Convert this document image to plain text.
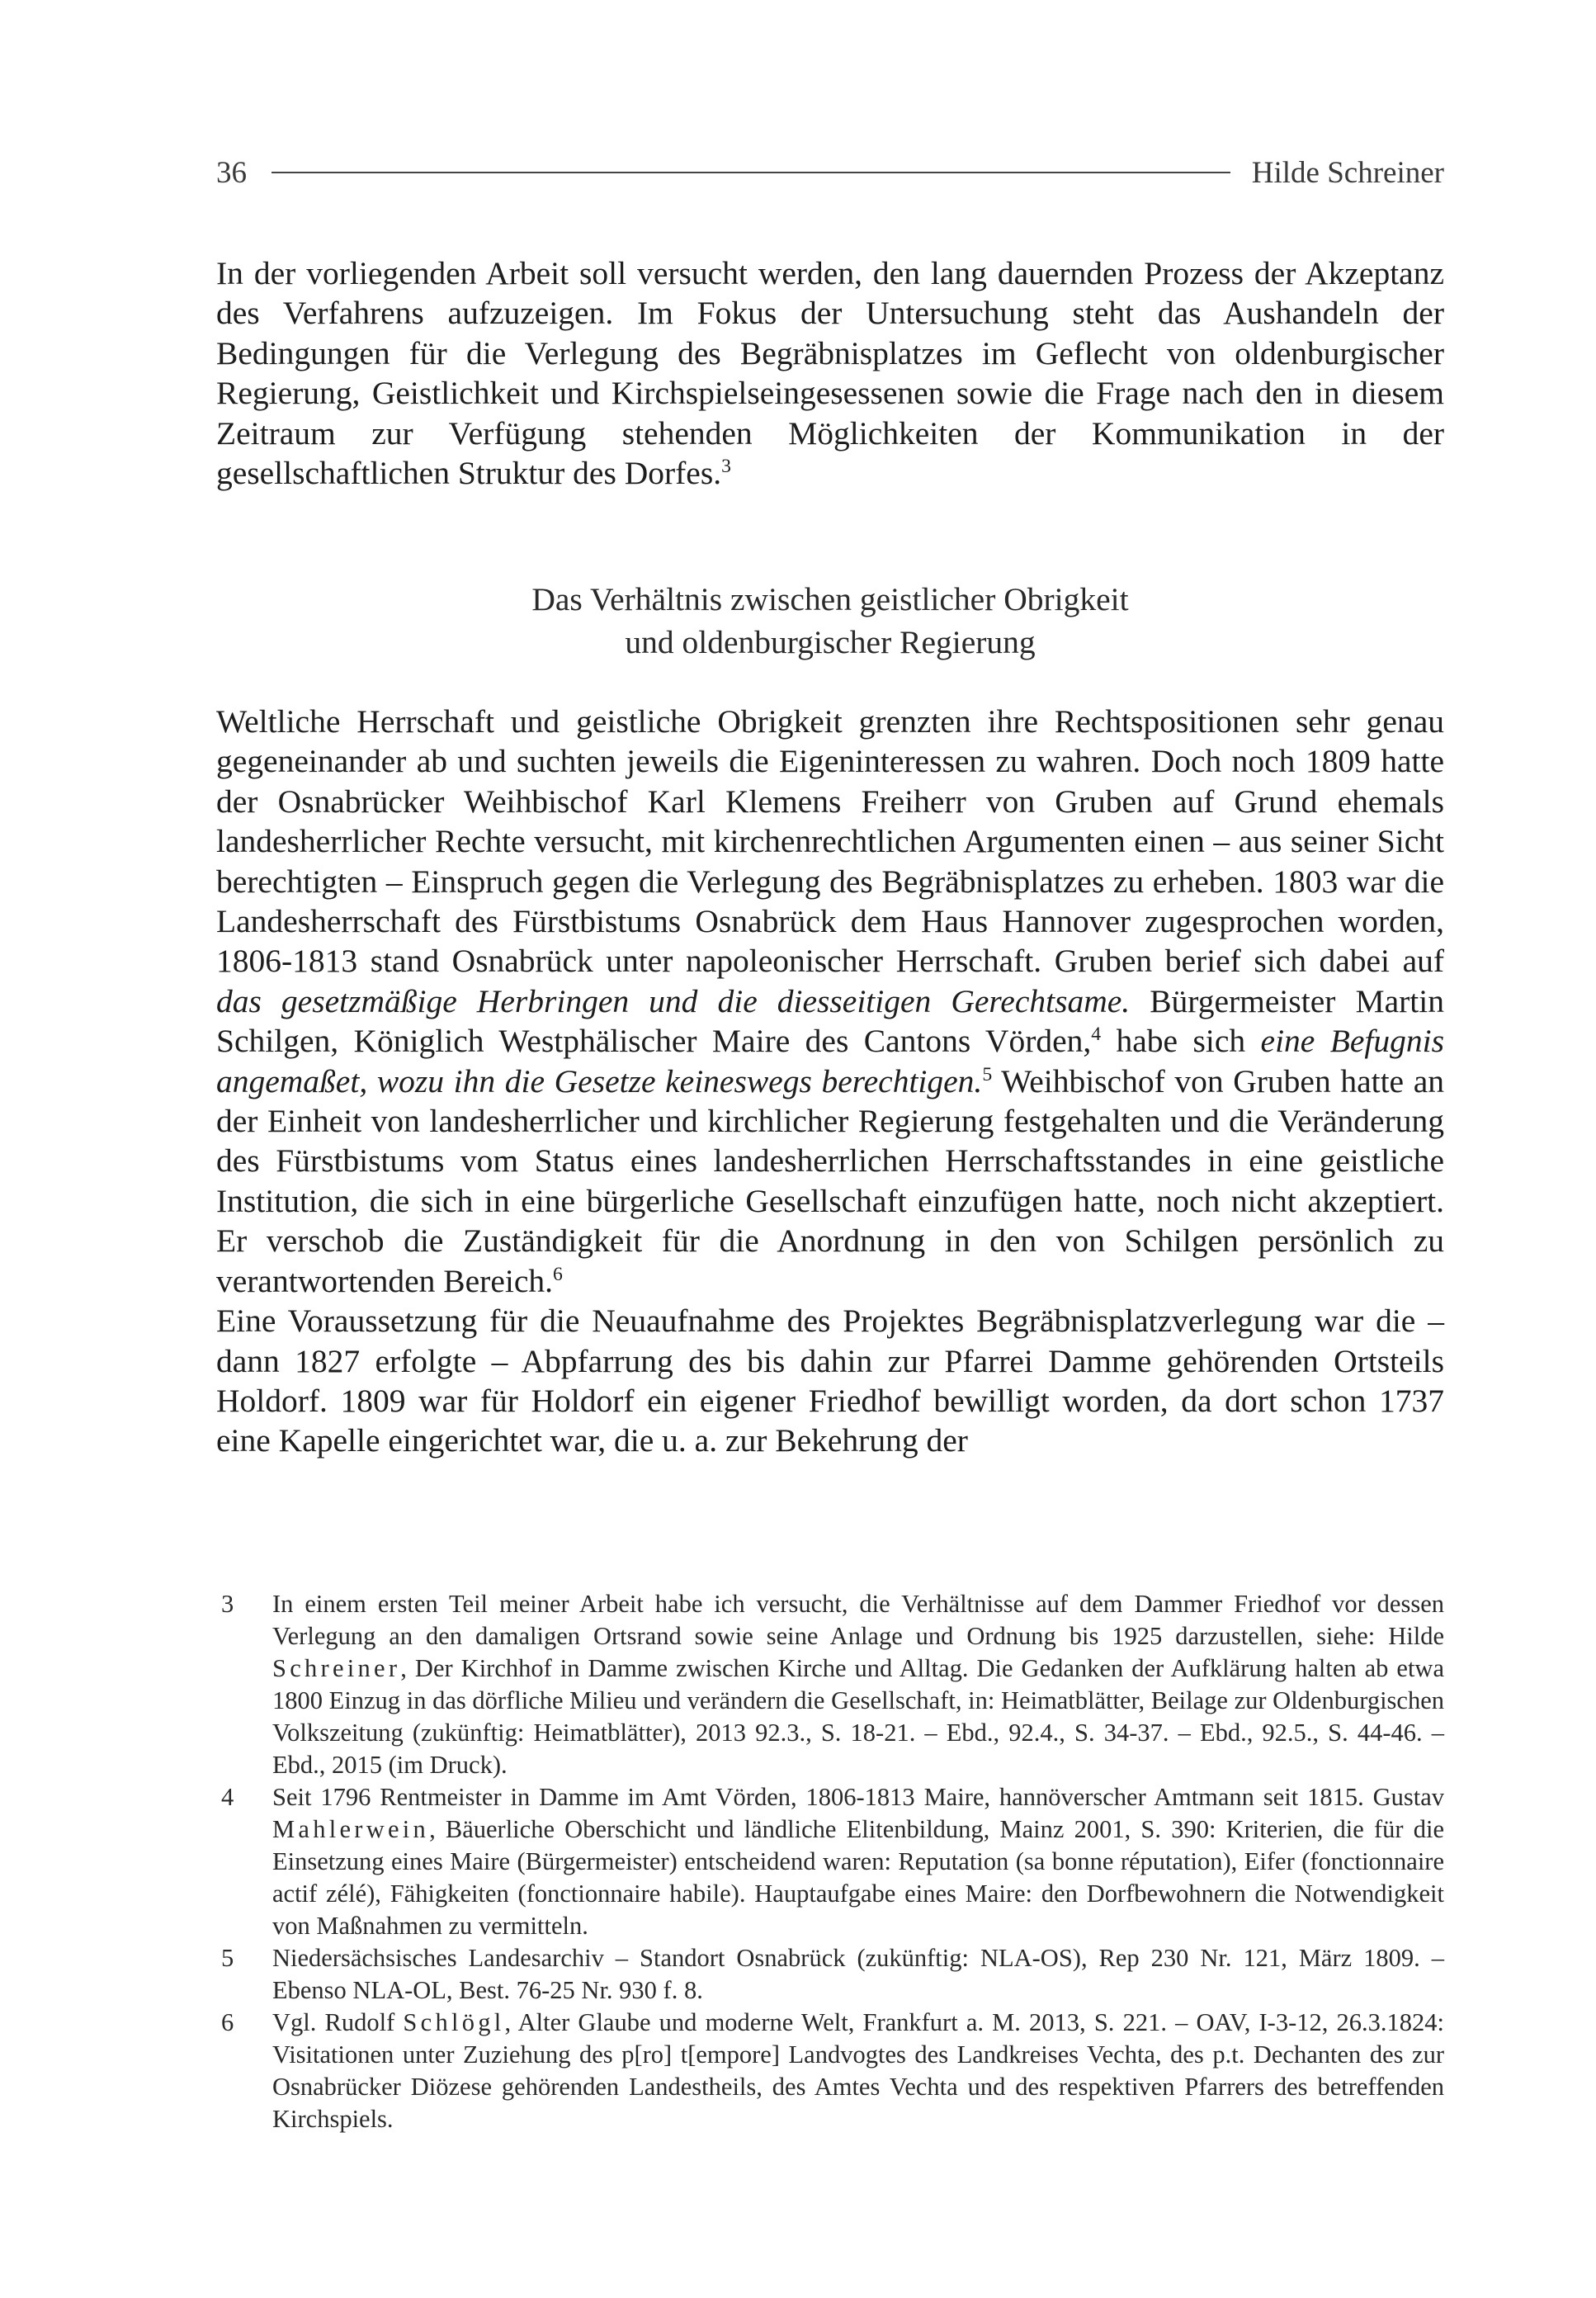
36	Hilde Schreiner

In der vorliegenden Arbeit soll versucht werden, den lang dauernden Prozess der Akzeptanz des Verfahrens aufzuzeigen. Im Fokus der Untersuchung steht das Aushandeln der Bedingungen für die Verlegung des Begräbnisplatzes im Geflecht von oldenburgischer Regierung, Geistlichkeit und Kirchspielseingesessenen sowie die Frage nach den in diesem Zeitraum zur Verfügung stehenden Möglichkeiten der Kommunikation in der gesellschaftlichen Struktur des Dorfes.$^3$

Das Verhältnis zwischen geistlicher Obrigkeit
und oldenburgischer Regierung

Weltliche Herrschaft und geistliche Obrigkeit grenzten ihre Rechtspositionen sehr genau gegeneinander ab und suchten jeweils die Eigeninteressen zu wahren. Doch noch 1809 hatte der Osnabrücker Weihbischof Karl Klemens Freiherr von Gruben auf Grund ehemals landesherrlicher Rechte versucht, mit kirchenrechtlichen Argumenten einen – aus seiner Sicht berechtigten – Einspruch gegen die Verlegung des Begräbnisplatzes zu erheben. 1803 war die Landesherrschaft des Fürstbistums Osnabrück dem Haus Hannover zugesprochen worden, 1806-1813 stand Osnabrück unter napoleonischer Herrschaft. Gruben berief sich dabei auf das gesetzmäßige Herbringen und die diesseitigen Gerechtsame. Bürgermeister Martin Schilgen, Königlich Westphälischer Maire des Cantons Vörden,$^4$ habe sich eine Befugnis angemaßet, wozu ihn die Gesetze keineswegs berechtigen.$^5$ Weihbischof von Gruben hatte an der Einheit von landesherrlicher und kirchlicher Regierung festgehalten und die Veränderung des Fürstbistums vom Status eines landesherrlichen Herrschaftsstandes in eine geistliche Institution, die sich in eine bürgerliche Gesellschaft einzufügen hatte, noch nicht akzeptiert. Er verschob die Zuständigkeit für die Anordnung in den von Schilgen persönlich zu verantwortenden Bereich.$^6$

Eine Voraussetzung für die Neuaufnahme des Projektes Begräbnisplatzverlegung war die – dann 1827 erfolgte – Abpfarrung des bis dahin zur Pfarrei Damme gehörenden Ortsteils Holdorf. 1809 war für Holdorf ein eigener Friedhof bewilligt worden, da dort schon 1737 eine Kapelle eingerichtet war, die u. a. zur Bekehrung der

3	In einem ersten Teil meiner Arbeit habe ich versucht, die Verhältnisse auf dem Dammer Friedhof vor dessen Verlegung an den damaligen Ortsrand sowie seine Anlage und Ordnung bis 1925 darzustellen, siehe: Hilde Schreiner, Der Kirchhof in Damme zwischen Kirche und Alltag. Die Gedanken der Aufklärung halten ab etwa 1800 Einzug in das dörfliche Milieu und verändern die Gesellschaft, in: Heimatblätter, Beilage zur Oldenburgischen Volkszeitung (zukünftig: Heimatblätter), 2013 92.3., S. 18-21. – Ebd., 92.4., S. 34-37. – Ebd., 92.5., S. 44-46. – Ebd., 2015 (im Druck).
4	Seit 1796 Rentmeister in Damme im Amt Vörden, 1806-1813 Maire, hannöverscher Amtmann seit 1815. Gustav Mahlerwein, Bäuerliche Oberschicht und ländliche Elitenbildung, Mainz 2001, S. 390: Kriterien, die für die Einsetzung eines Maire (Bürgermeister) entscheidend waren: Reputation (sa bonne réputation), Eifer (fonctionnaire actif zélé), Fähigkeiten (fonctionnaire habile). Hauptaufgabe eines Maire: den Dorfbewohnern die Notwendigkeit von Maßnahmen zu vermitteln.
5	Niedersächsisches Landesarchiv – Standort Osnabrück (zukünftig: NLA-OS), Rep 230 Nr. 121, März 1809. – Ebenso NLA-OL, Best. 76-25 Nr. 930 f. 8.
6	Vgl. Rudolf Schlögl, Alter Glaube und moderne Welt, Frankfurt a. M. 2013, S. 221. – OAV, I-3-12, 26.3.1824: Visitationen unter Zuziehung des p[ro] t[empore] Landvogtes des Landkreises Vechta, des p.t. Dechanten des zur Osnabrücker Diözese gehörenden Landestheils, des Amtes Vechta und des respektiven Pfarrers des betreffenden Kirchspiels.
